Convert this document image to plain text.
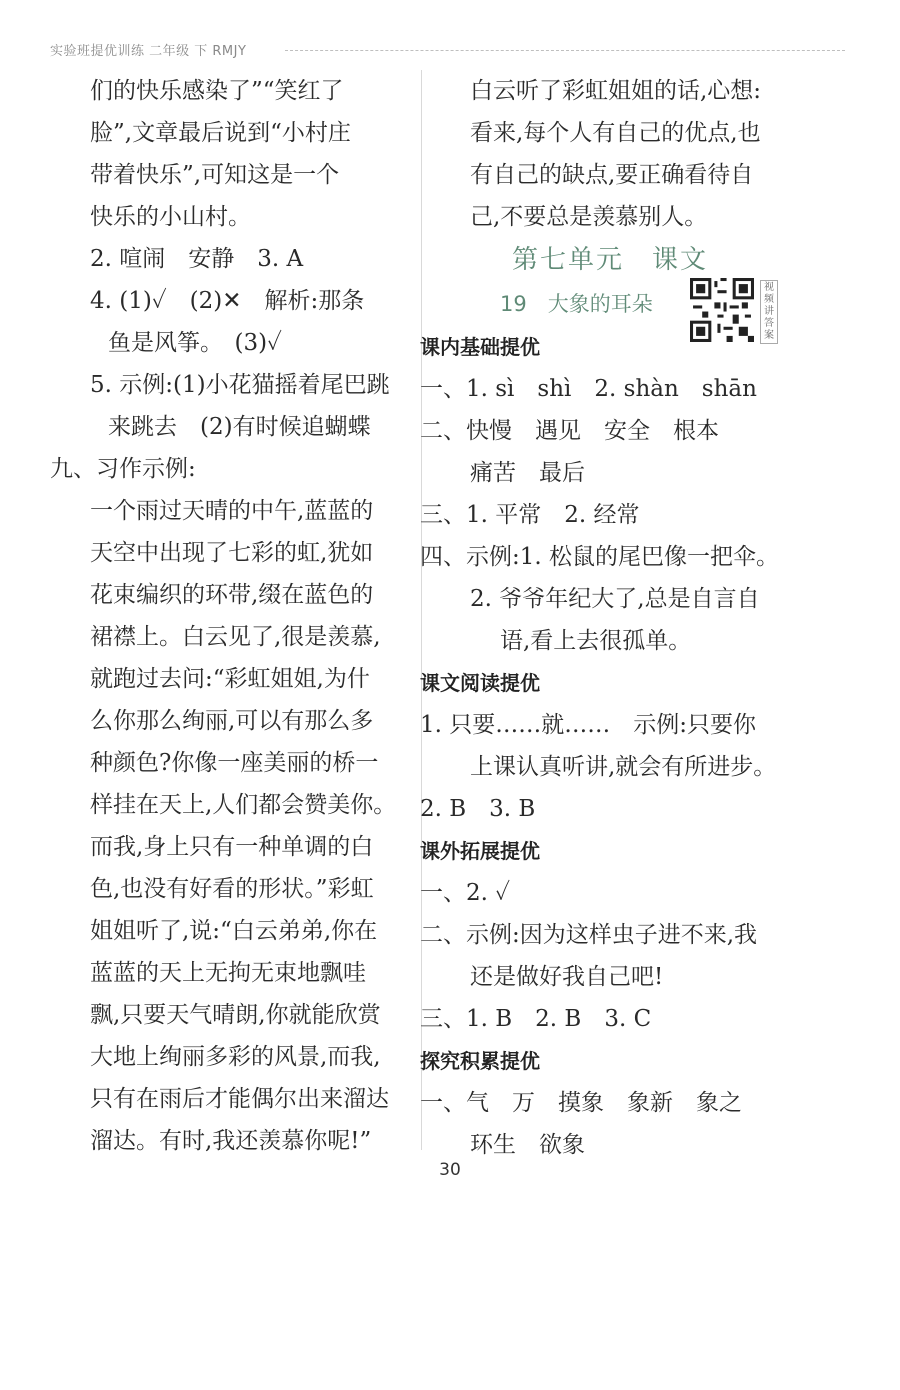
实验班提优训练 二年级 下 RMJY
们的快乐感染了”“笑红了
脸”,文章最后说到“小村庄
带着快乐”,可知这是一个
快乐的小山村。
2. 喧闹　安静　3. A
4. (1)✓　(2)✕　解析:那条
鱼是风筝。　(3)✓
5. 示例:(1)小花猫摇着尾巴跳
来跳去　(2)有时候追蝴蝶
九、习作示例:
一个雨过天晴的中午,蓝蓝的
天空中出现了七彩的虹,犹如
花束编织的环带,缀在蓝色的
裙襟上。白云见了,很是羡慕,
就跑过去问:“彩虹姐姐,为什
么你那么绚丽,可以有那么多
种颜色?你像一座美丽的桥一
样挂在天上,人们都会赞美你。
而我,身上只有一种单调的白
色,也没有好看的形状。”彩虹
姐姐听了,说:“白云弟弟,你在
蓝蓝的天上无拘无束地飘哇
飘,只要天气晴朗,你就能欣赏
大地上绚丽多彩的风景,而我,
只有在雨后才能偶尔出来溜达
溜达。有时,我还羡慕你呢!”
白云听了彩虹姐姐的话,心想:
看来,每个人有自己的优点,也
有自己的缺点,要正确看待自
己,不要总是羡慕别人。
第七单元　课文
19　大象的耳朵
视频讲答案
课内基础提优
一、1. sì　shì　2. shàn　shān
二、快慢　遇见　安全　根本
痛苦　最后
三、1. 平常　2. 经常
四、示例:1. 松鼠的尾巴像一把伞。
2. 爷爷年纪大了,总是自言自
语,看上去很孤单。
课文阅读提优
1. 只要……就……　示例:只要你
上课认真听讲,就会有所进步。
2. B　3. B
课外拓展提优
一、2. ✓
二、示例:因为这样虫子进不来,我
还是做好我自己吧!
三、1. B　2. B　3. C
探究积累提优
一、气　万　摸象　象新　象之
环生　欲象
30
